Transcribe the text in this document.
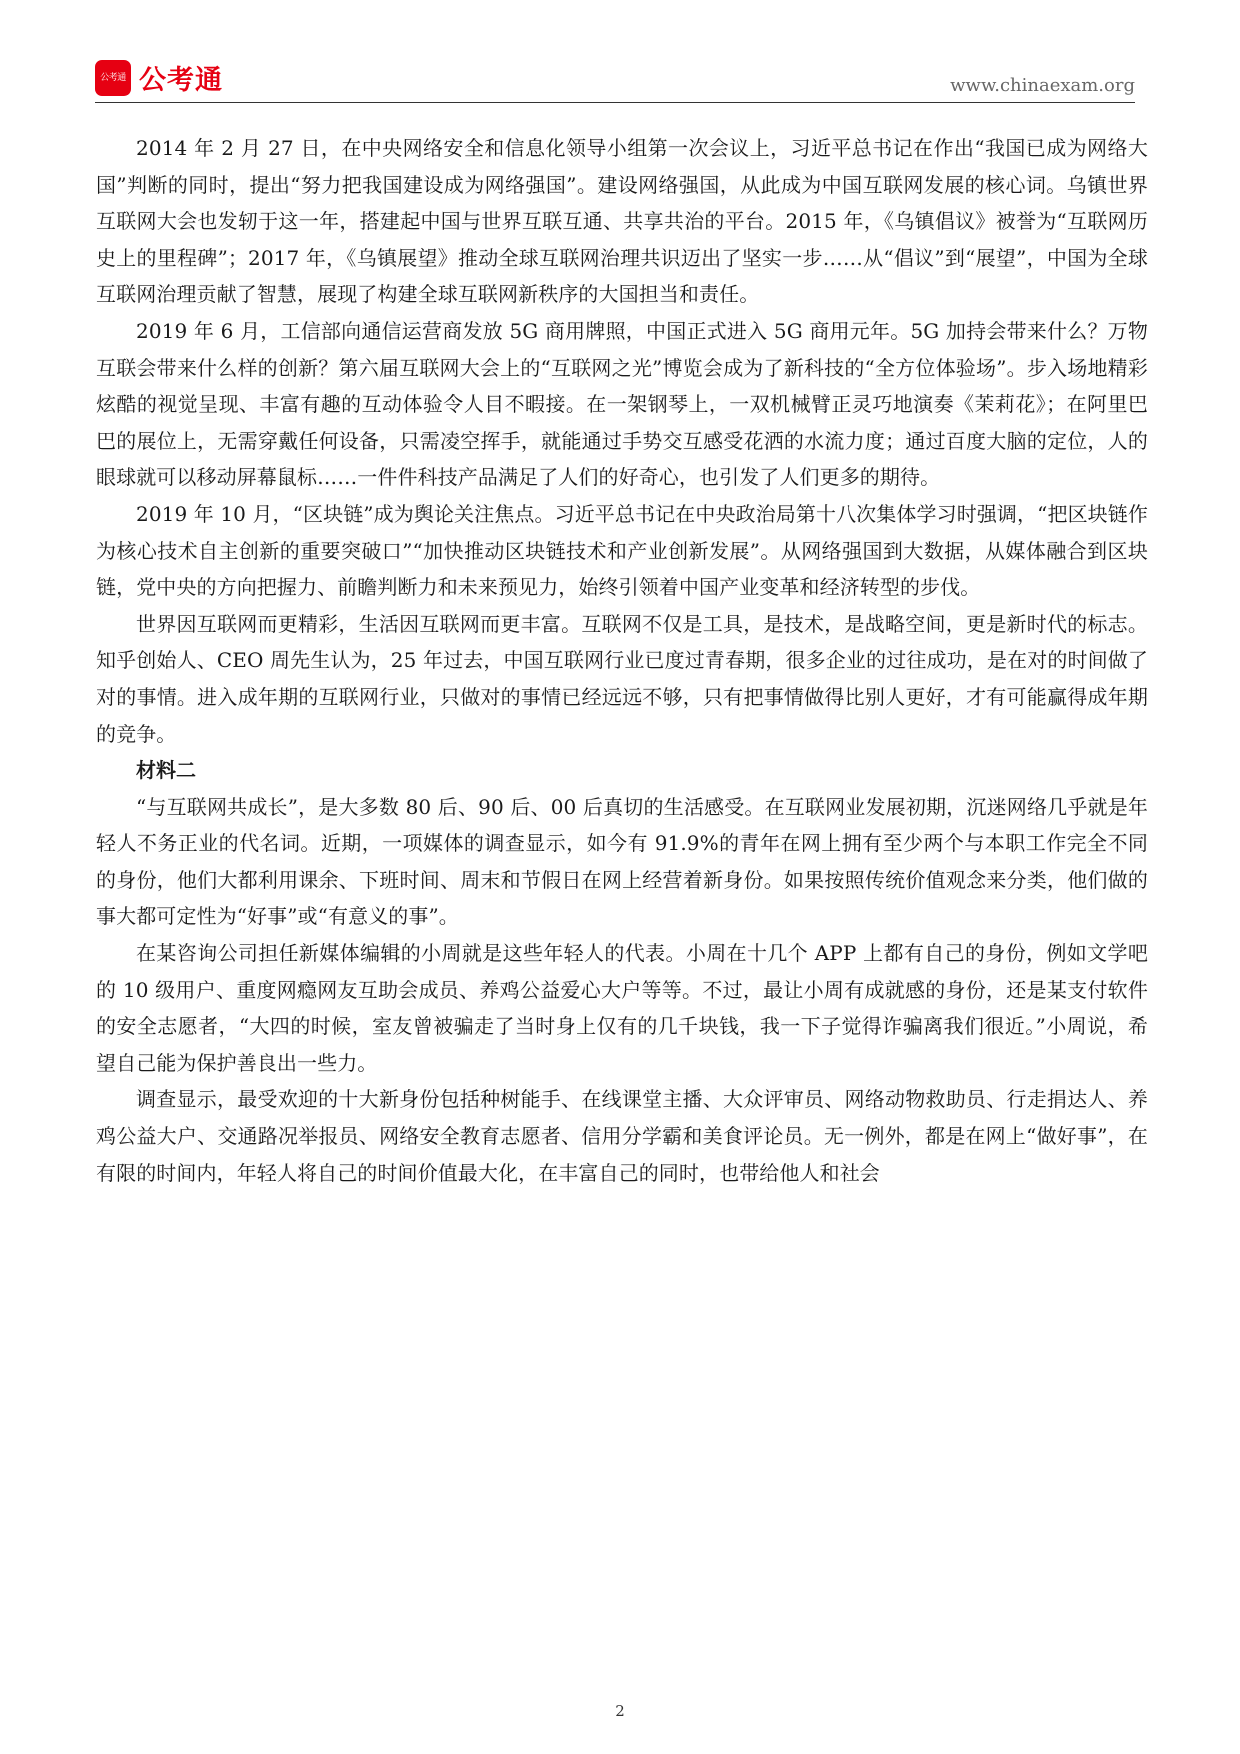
公考通 公考通	www.chinaexam.org

2014 年 2 月 27 日，在中央网络安全和信息化领导小组第一次会议上，习近平总书记在作出“我国已成为网络大国”判断的同时，提出“努力把我国建设成为网络强国”。建设网络强国，从此成为中国互联网发展的核心词。乌镇世界互联网大会也发轫于这一年，搭建起中国与世界互联互通、共享共治的平台。2015 年，《乌镇倡议》被誉为“互联网历史上的里程碑”；2017 年，《乌镇展望》推动全球互联网治理共识迈出了坚实一步……从“倡议”到“展望”，中国为全球互联网治理贡献了智慧，展现了构建全球互联网新秩序的大国担当和责任。

2019 年 6 月，工信部向通信运营商发放 5G 商用牌照，中国正式进入 5G 商用元年。5G 加持会带来什么？万物互联会带来什么样的创新？第六届互联网大会上的“互联网之光”博览会成为了新科技的“全方位体验场”。步入场地精彩炫酷的视觉呈现、丰富有趣的互动体验令人目不暇接。在一架钢琴上，一双机械臂正灵巧地演奏《茉莉花》；在阿里巴巴的展位上，无需穿戴任何设备，只需凌空挥手，就能通过手势交互感受花洒的水流力度；通过百度大脑的定位，人的眼球就可以移动屏幕鼠标……一件件科技产品满足了人们的好奇心，也引发了人们更多的期待。

2019 年 10 月，“区块链”成为舆论关注焦点。习近平总书记在中央政治局第十八次集体学习时强调，“把区块链作为核心技术自主创新的重要突破口”“加快推动区块链技术和产业创新发展”。从网络强国到大数据，从媒体融合到区块链，党中央的方向把握力、前瞻判断力和未来预见力，始终引领着中国产业变革和经济转型的步伐。

世界因互联网而更精彩，生活因互联网而更丰富。互联网不仅是工具，是技术，是战略空间，更是新时代的标志。知乎创始人、CEO 周先生认为，25 年过去，中国互联网行业已度过青春期，很多企业的过往成功，是在对的时间做了对的事情。进入成年期的互联网行业，只做对的事情已经远远不够，只有把事情做得比别人更好，才有可能赢得成年期的竞争。

材料二

“与互联网共成长”，是大多数 80 后、90 后、00 后真切的生活感受。在互联网业发展初期，沉迷网络几乎就是年轻人不务正业的代名词。近期，一项媒体的调查显示，如今有 91.9%的青年在网上拥有至少两个与本职工作完全不同的身份，他们大都利用课余、下班时间、周末和节假日在网上经营着新身份。如果按照传统价值观念来分类，他们做的事大都可定性为“好事”或“有意义的事”。

在某咨询公司担任新媒体编辑的小周就是这些年轻人的代表。小周在十几个 APP 上都有自己的身份，例如文学吧的 10 级用户、重度网瘾网友互助会成员、养鸡公益爱心大户等等。不过，最让小周有成就感的身份，还是某支付软件的安全志愿者，“大四的时候，室友曾被骗走了当时身上仅有的几千块钱，我一下子觉得诈骗离我们很近。”小周说，希望自己能为保护善良出一些力。

调查显示，最受欢迎的十大新身份包括种树能手、在线课堂主播、大众评审员、网络动物救助员、行走捐达人、养鸡公益大户、交通路况举报员、网络安全教育志愿者、信用分学霸和美食评论员。无一例外，都是在网上“做好事”，在有限的时间内，年轻人将自己的时间价值最大化，在丰富自己的同时，也带给他人和社会

2
